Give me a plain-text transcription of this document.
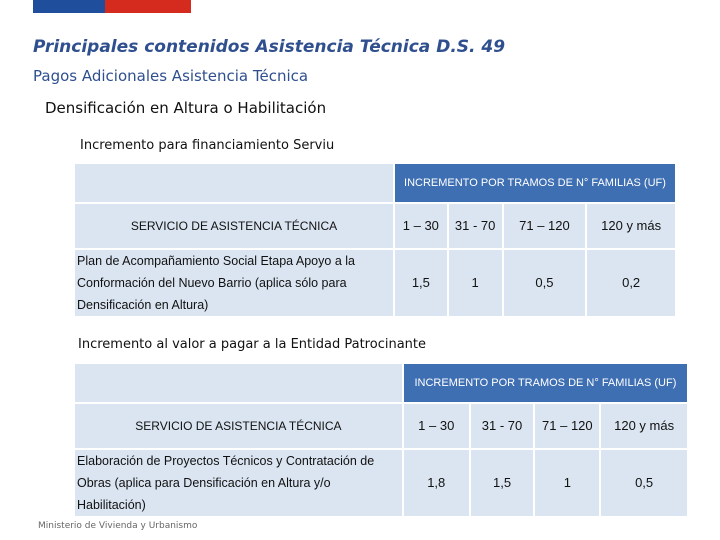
Principales contenidos Asistencia Técnica D.S. 49
Pagos Adicionales Asistencia Técnica
Densificación en Altura o Habilitación
Incremento para financiamiento Serviu
	INCREMENTO POR TRAMOS DE N° FAMILIAS (UF)			
SERVICIO DE ASISTENCIA TÉCNICA	1 – 30	31 - 70	71 – 120	120 y más
Plan de Acompañamiento Social Etapa Apoyo a la Conformación del Nuevo Barrio (aplica sólo para Densificación en Altura)	1,5	1	0,5	0,2
Incremento al valor a pagar a la Entidad Patrocinante
	INCREMENTO POR TRAMOS DE N° FAMILIAS (UF)			
SERVICIO DE ASISTENCIA TÉCNICA	1 – 30	31 - 70	71 – 120	120 y más
Elaboración de Proyectos Técnicos y Contratación de Obras (aplica para Densificación en Altura y/o Habilitación)	1,8	1,5	1	0,5
Ministerio de Vivienda y Urbanismo
